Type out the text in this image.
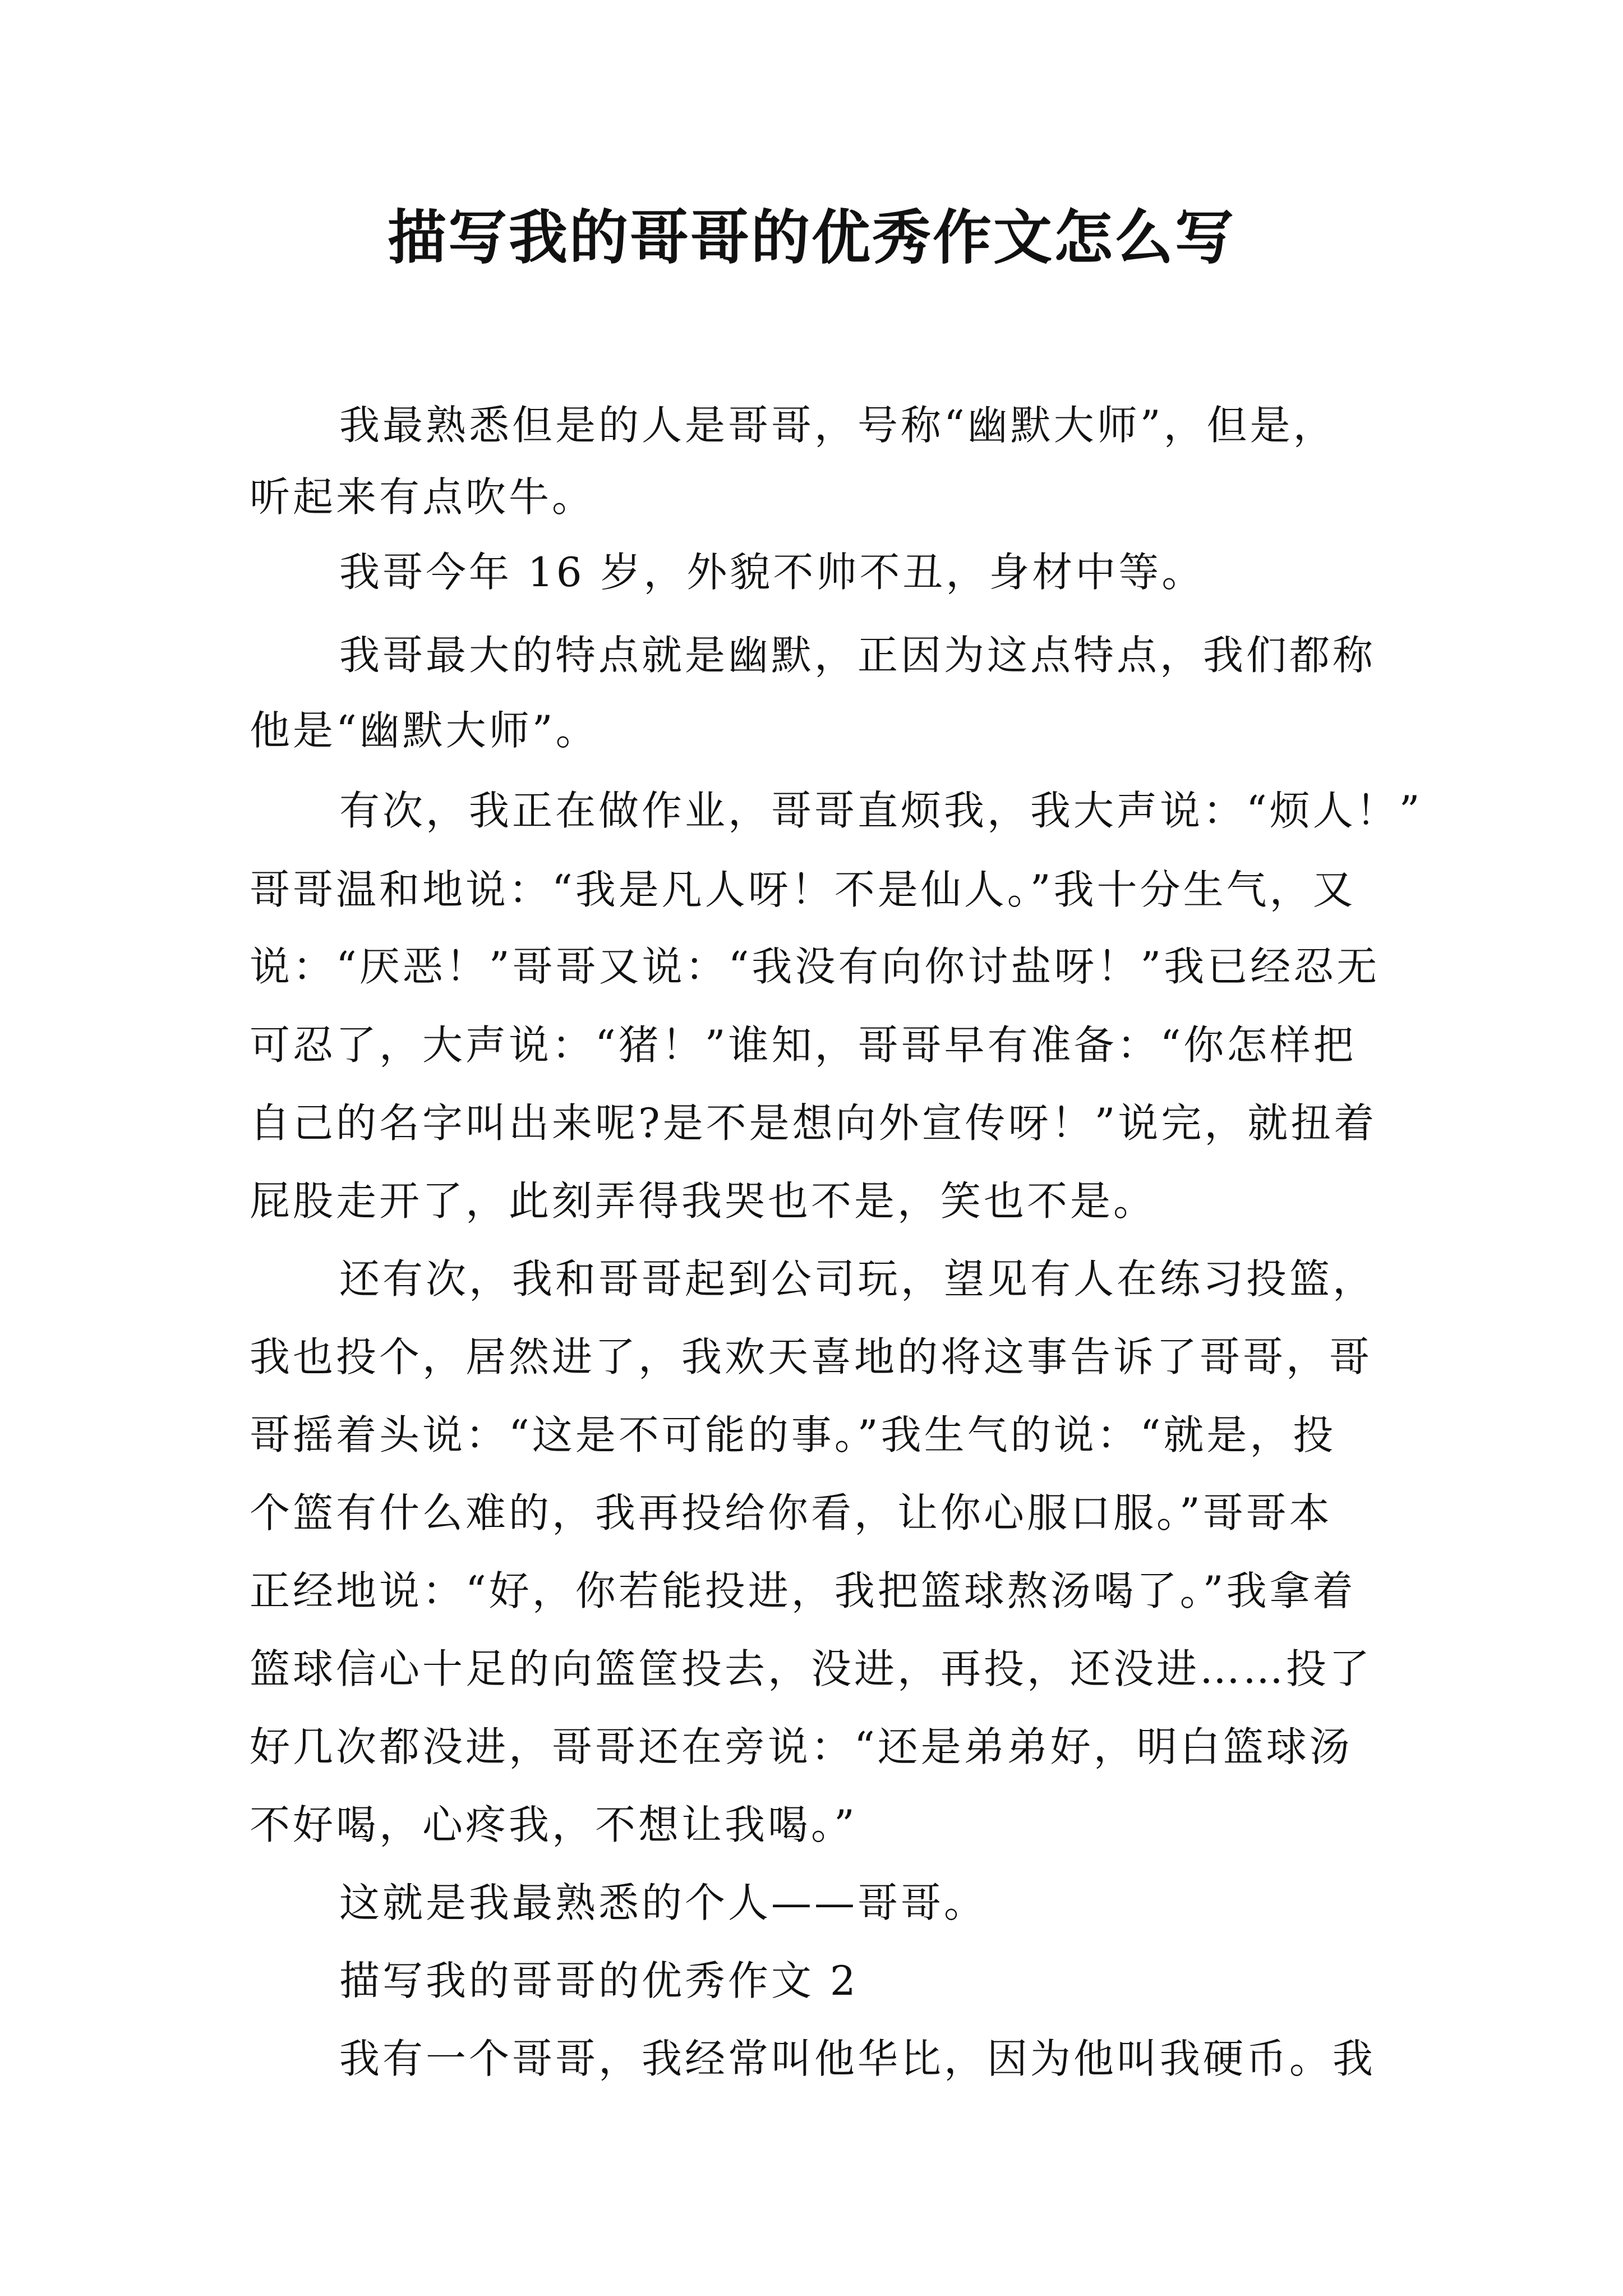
描写我的哥哥的优秀作文怎么写
我最熟悉但是的人是哥哥，号称“幽默大师”，但是，
听起来有点吹牛。
我哥今年 16 岁，外貌不帅不丑，身材中等。
我哥最大的特点就是幽默，正因为这点特点，我们都称
他是“幽默大师”。
有次，我正在做作业，哥哥直烦我，我大声说：“烦人！”
哥哥温和地说：“我是凡人呀！不是仙人。”我十分生气，又
说：“厌恶！”哥哥又说：“我没有向你讨盐呀！”我已经忍无
可忍了，大声说：“猪！”谁知，哥哥早有准备：“你怎样把
自己的名字叫出来呢?是不是想向外宣传呀！”说完，就扭着
屁股走开了，此刻弄得我哭也不是，笑也不是。
还有次，我和哥哥起到公司玩，望见有人在练习投篮，
我也投个，居然进了，我欢天喜地的将这事告诉了哥哥，哥
哥摇着头说：“这是不可能的事。”我生气的说：“就是，投
个篮有什么难的，我再投给你看，让你心服口服。”哥哥本
正经地说：“好，你若能投进，我把篮球熬汤喝了。”我拿着
篮球信心十足的向篮筐投去，没进，再投，还没进……投了
好几次都没进，哥哥还在旁说：“还是弟弟好，明白篮球汤
不好喝，心疼我，不想让我喝。”
这就是我最熟悉的个人——哥哥。
描写我的哥哥的优秀作文 2
我有一个哥哥，我经常叫他华比，因为他叫我硬币。我
